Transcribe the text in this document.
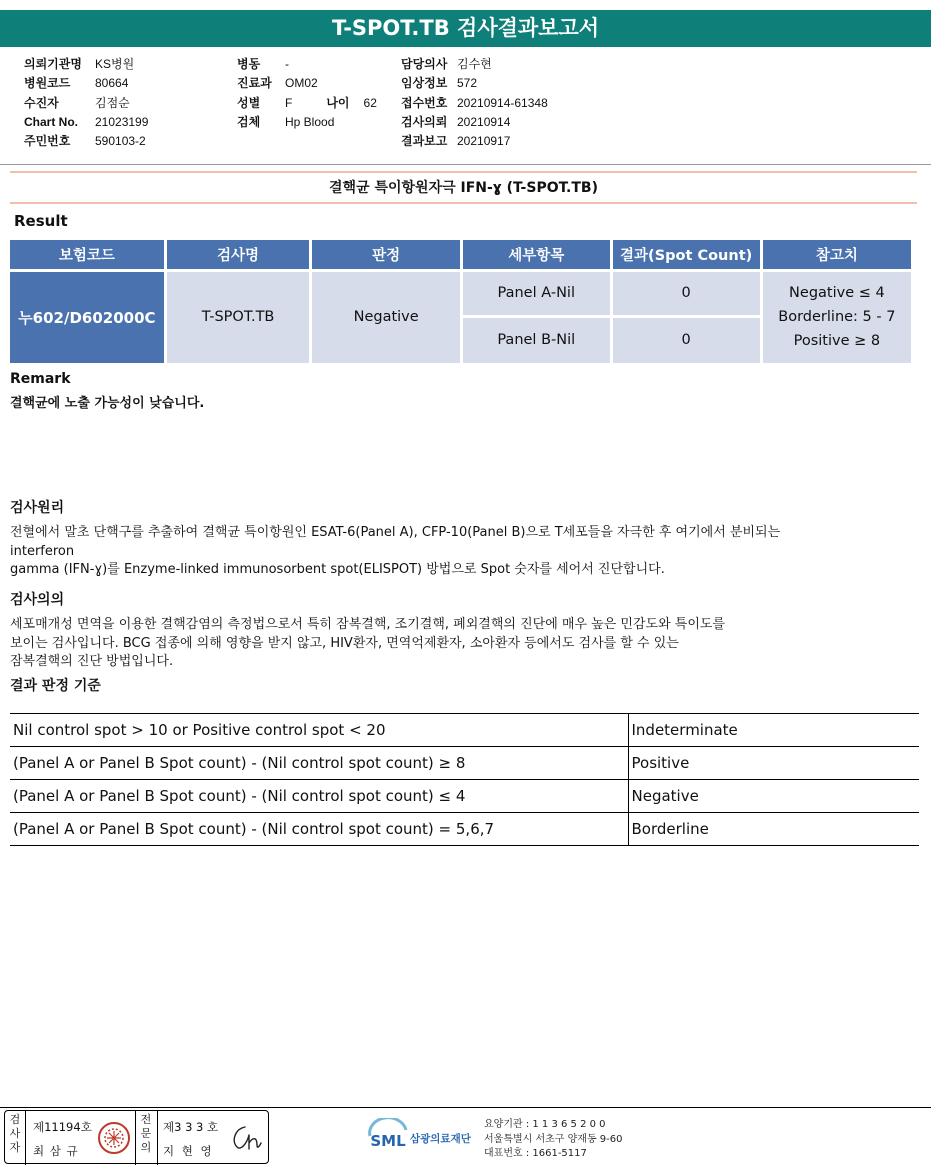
T-SPOT.TB 검사결과보고서
의뢰기관명	KS병원
병원코드	80664
수진자	김점순
Chart No.	21023199
주민번호	590103-2
병동	-
진료과	OM02
성별	F	나이 62
검체	Hp Blood
담당의사 김수현
임상정보 572
접수번호 20210914-61348
검사의뢰 20210914
결과보고 20210917
결핵균 특이항원자극 IFN-ɣ (T-SPOT.TB)
Result
보험코드	검사명	판정	세부항목	결과(Spot Count)	참고치
누602/D602000C	T-SPOT.TB	Negative	Panel A-Nil	0	Negative ≤ 4
Borderline: 5 - 7
Positive ≥ 8

			Panel B-Nil	0	
Remark
결핵균에 노출 가능성이 낮습니다.
검사원리
전혈에서 말초 단핵구를 추출하여 결핵균 특이항원인 ESAT-6(Panel A), CFP-10(Panel B)으로 T세포들을 자극한 후 여기에서 분비되는
interferon
gamma (IFN-ɣ)를 Enzyme-linked immunosorbent spot(ELISPOT) 방법으로 Spot 숫자를 세어서 진단합니다.
검사의의
세포매개성 면역을 이용한 결핵감염의 측정법으로서 특히 잠복결핵, 조기결핵, 폐외결핵의 진단에 매우 높은 민감도와 특이도를
보이는 검사입니다. BCG 접종에 의해 영향을 받지 않고, HIV환자, 면역억제환자, 소아환자 등에서도 검사를 할 수 있는
잠복결핵의 진단 방법입니다.
결과 판정 기준
Nil control spot > 10 or Positive control spot < 20	Indeterminate
(Panel A or Panel B Spot count) - (Nil control spot count) ≥ 8	Positive
(Panel A or Panel B Spot count) - (Nil control spot count) ≤ 4	Negative
(Panel A or Panel B Spot count) - (Nil control spot count) = 5,6,7	Borderline
검
사
자
제11194호
최 삼 규
전
문
의
제3 3 3 호
지 현 영
SML 삼광의료재단
요양기관 : 1 1 3 6 5 2 0 0
서울특별시 서초구 양재동 9-60
대표번호 : 1661-5117
